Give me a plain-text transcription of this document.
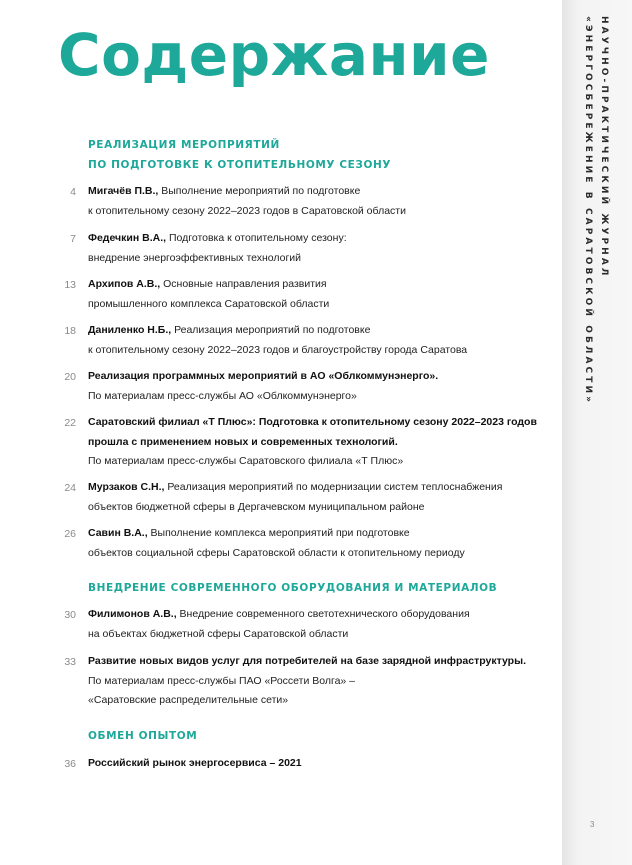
Содержание	НАУЧНО-ПРАКТИЧЕСКИЙ ЖУРНАЛ
«ЭНЕРГОСБЕРЕЖЕНИЕ В САРАТОВСКОЙ ОБЛАСТИ»
РЕАЛИЗАЦИЯ МЕРОПРИЯТИЙ
ПО ПОДГОТОВКЕ К ОТОПИТЕЛЬНОМУ СЕЗОНУ
4 Мигачёв П.В., Выполнение мероприятий по подготовке
к отопительному сезону 2022–2023 годов в Саратовской области
7 Федечкин В.А., Подготовка к отопительному сезону:
внедрение энергоэффективных технологий
13 Архипов А.В., Основные направления развития
промышленного комплекса Саратовской области
18 Даниленко Н.Б., Реализация мероприятий по подготовке
к отопительному сезону 2022–2023 годов и благоустройству города Саратова
20 Реализация программных мероприятий в АО «Облкоммунэнерго».
По материалам пресс-службы АО «Облкоммунэнерго»
22 Саратовский филиал «Т Плюс»: Подготовка к отопительному сезону 2022–2023 годов
прошла с применением новых и современных технологий.
По материалам пресс-службы Саратовского филиала «Т Плюс»
24 Мурзаков С.Н., Реализация мероприятий по модернизации систем теплоснабжения
объектов бюджетной сферы в Дергачевском муниципальном районе
26 Савин В.А., Выполнение комплекса мероприятий при подготовке
объектов социальной сферы Саратовской области к отопительному периоду
ВНЕДРЕНИЕ СОВРЕМЕННОГО ОБОРУДОВАНИЯ И МАТЕРИАЛОВ
30 Филимонов А.В., Внедрение современного светотехнического оборудования
на объектах бюджетной сферы Саратовской области
33 Развитие новых видов услуг для потребителей на базе зарядной инфраструктуры.
По материалам пресс-службы ПАО «Россети Волга» –
«Саратовские распределительные сети»
ОБМЕН ОПЫТОМ
36 Российский рынок энергосервиса – 2021
3
